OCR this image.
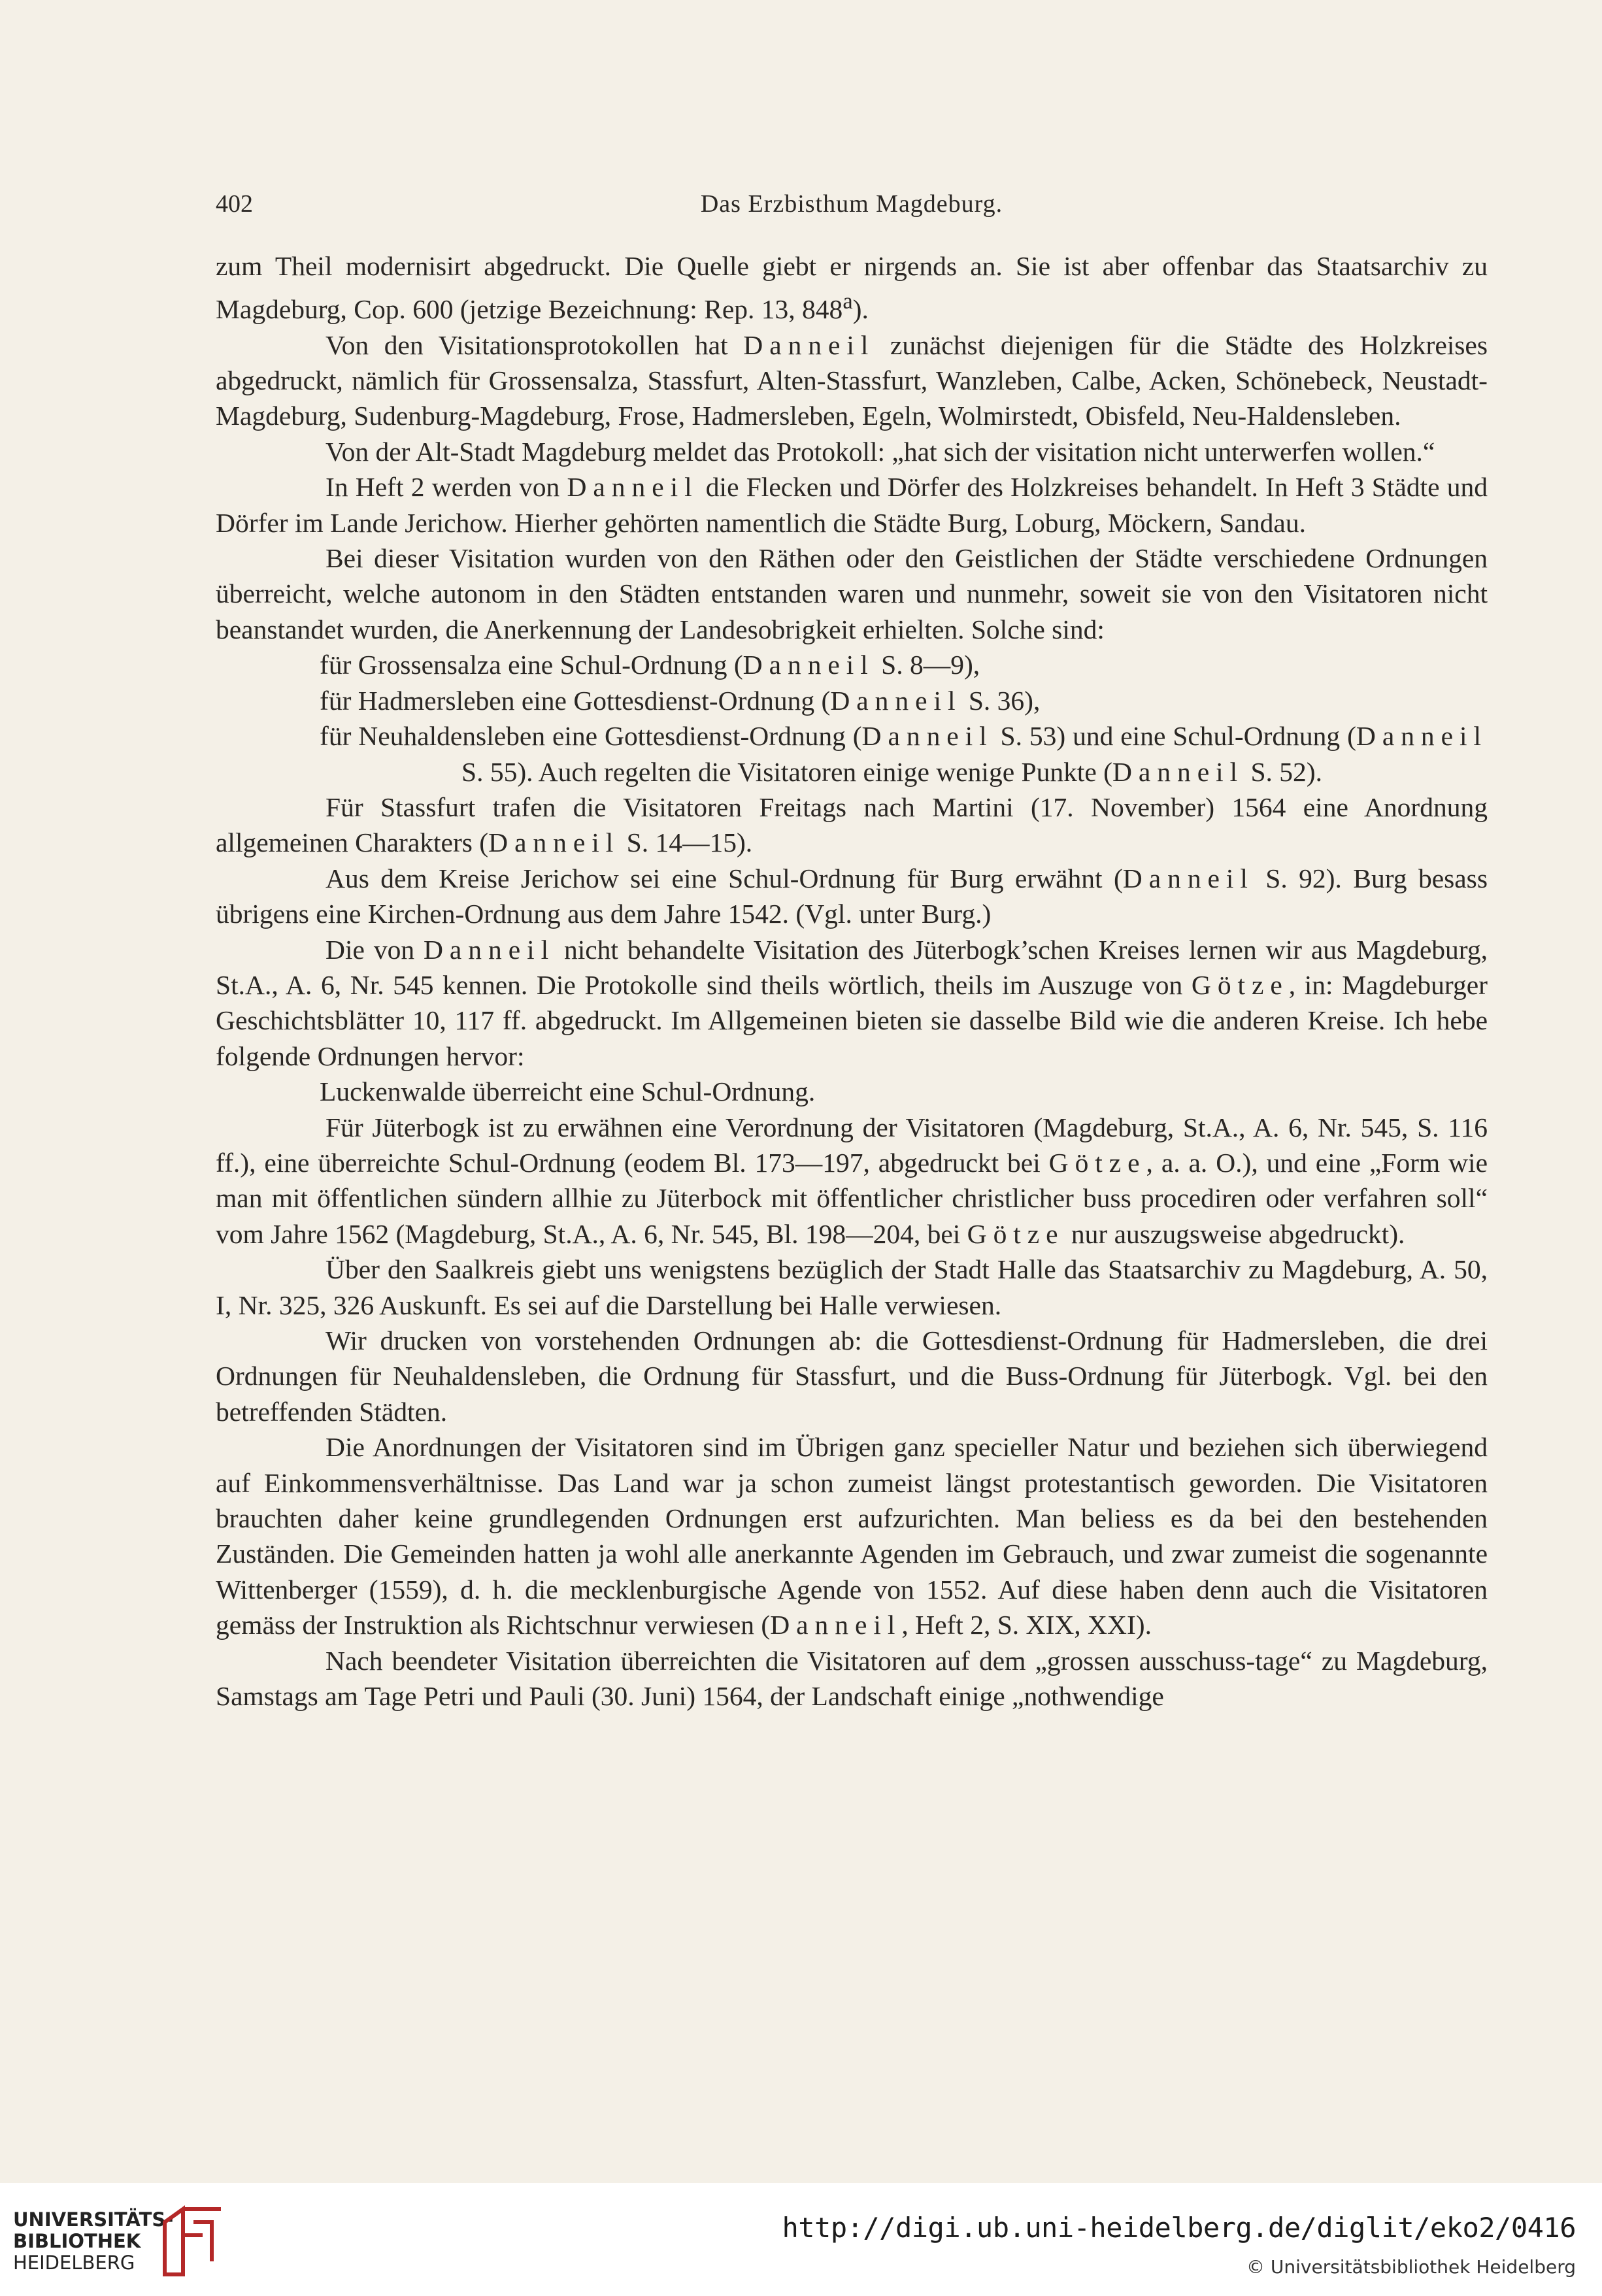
402	Das Erzbisthum Magdeburg.

zum Theil modernisirt abgedruckt. Die Quelle giebt er nirgends an. Sie ist aber offenbar das Staatsarchiv zu Magdeburg, Cop. 600 (jetzige Bezeichnung: Rep. 13, 848$^a$).

Von den Visitationsprotokollen hat Danneil zunächst diejenigen für die Städte des Holzkreises abgedruckt, nämlich für Grossensalza, Stassfurt, Alten-Stassfurt, Wanzleben, Calbe, Acken, Schönebeck, Neustadt-Magdeburg, Sudenburg-Magdeburg, Frose, Hadmersleben, Egeln, Wolmirstedt, Obisfeld, Neu-Haldensleben.

Von der Alt-Stadt Magdeburg meldet das Protokoll: „hat sich der visitation nicht unterwerfen wollen.“

In Heft 2 werden von Danneil die Flecken und Dörfer des Holzkreises behandelt. In Heft 3 Städte und Dörfer im Lande Jerichow. Hierher gehörten namentlich die Städte Burg, Loburg, Möckern, Sandau.

Bei dieser Visitation wurden von den Räthen oder den Geistlichen der Städte verschiedene Ordnungen überreicht, welche autonom in den Städten entstanden waren und nunmehr, soweit sie von den Visitatoren nicht beanstandet wurden, die Anerkennung der Landesobrigkeit erhielten. Solche sind:

für Grossensalza eine Schul-Ordnung (Danneil S. 8—9),

für Hadmersleben eine Gottesdienst-Ordnung (Danneil S. 36),

für Neuhaldensleben eine Gottesdienst-Ordnung (Danneil S. 53) und eine Schul-Ordnung (Danneil S. 55). Auch regelten die Visitatoren einige wenige Punkte (Danneil S. 52).

Für Stassfurt trafen die Visitatoren Freitags nach Martini (17. November) 1564 eine Anordnung allgemeinen Charakters (Danneil S. 14—15).

Aus dem Kreise Jerichow sei eine Schul-Ordnung für Burg erwähnt (Danneil S. 92). Burg besass übrigens eine Kirchen-Ordnung aus dem Jahre 1542. (Vgl. unter Burg.)

Die von Danneil nicht behandelte Visitation des Jüterbogk’schen Kreises lernen wir aus Magdeburg, St.A., A. 6, Nr. 545 kennen. Die Protokolle sind theils wörtlich, theils im Auszuge von Götze, in: Magdeburger Geschichtsblätter 10, 117 ff. abgedruckt. Im Allgemeinen bieten sie dasselbe Bild wie die anderen Kreise. Ich hebe folgende Ordnungen hervor:

Luckenwalde überreicht eine Schul-Ordnung.

Für Jüterbogk ist zu erwähnen eine Verordnung der Visitatoren (Magdeburg, St.A., A. 6, Nr. 545, S. 116 ff.), eine überreichte Schul-Ordnung (eodem Bl. 173—197, abgedruckt bei Götze, a. a. O.), und eine „Form wie man mit öffentlichen sündern allhie zu Jüterbock mit öffentlicher christlicher buss procediren oder verfahren soll“ vom Jahre 1562 (Magdeburg, St.A., A. 6, Nr. 545, Bl. 198—204, bei Götze nur auszugsweise abgedruckt).

Über den Saalkreis giebt uns wenigstens bezüglich der Stadt Halle das Staatsarchiv zu Magdeburg, A. 50, I, Nr. 325, 326 Auskunft. Es sei auf die Darstellung bei Halle verwiesen.

Wir drucken von vorstehenden Ordnungen ab: die Gottesdienst-Ordnung für Hadmersleben, die drei Ordnungen für Neuhaldensleben, die Ordnung für Stassfurt, und die Buss-Ordnung für Jüterbogk. Vgl. bei den betreffenden Städten.

Die Anordnungen der Visitatoren sind im Übrigen ganz specieller Natur und beziehen sich überwiegend auf Einkommensverhältnisse. Das Land war ja schon zumeist längst protestantisch geworden. Die Visitatoren brauchten daher keine grundlegenden Ordnungen erst aufzurichten. Man beliess es da bei den bestehenden Zuständen. Die Gemeinden hatten ja wohl alle anerkannte Agenden im Gebrauch, und zwar zumeist die sogenannte Wittenberger (1559), d. h. die mecklenburgische Agende von 1552. Auf diese haben denn auch die Visitatoren gemäss der Instruktion als Richtschnur verwiesen (Danneil, Heft 2, S. XIX, XXI).

Nach beendeter Visitation überreichten die Visitatoren auf dem „grossen ausschuss-tage“ zu Magdeburg, Samstags am Tage Petri und Pauli (30. Juni) 1564, der Landschaft einige „nothwendige

UNIVERSITÄTS-
BIBLIOTHEK
HEIDELBERG
http://digi.ub.uni-heidelberg.de/diglit/eko2/0416
© Universitätsbibliothek Heidelberg
